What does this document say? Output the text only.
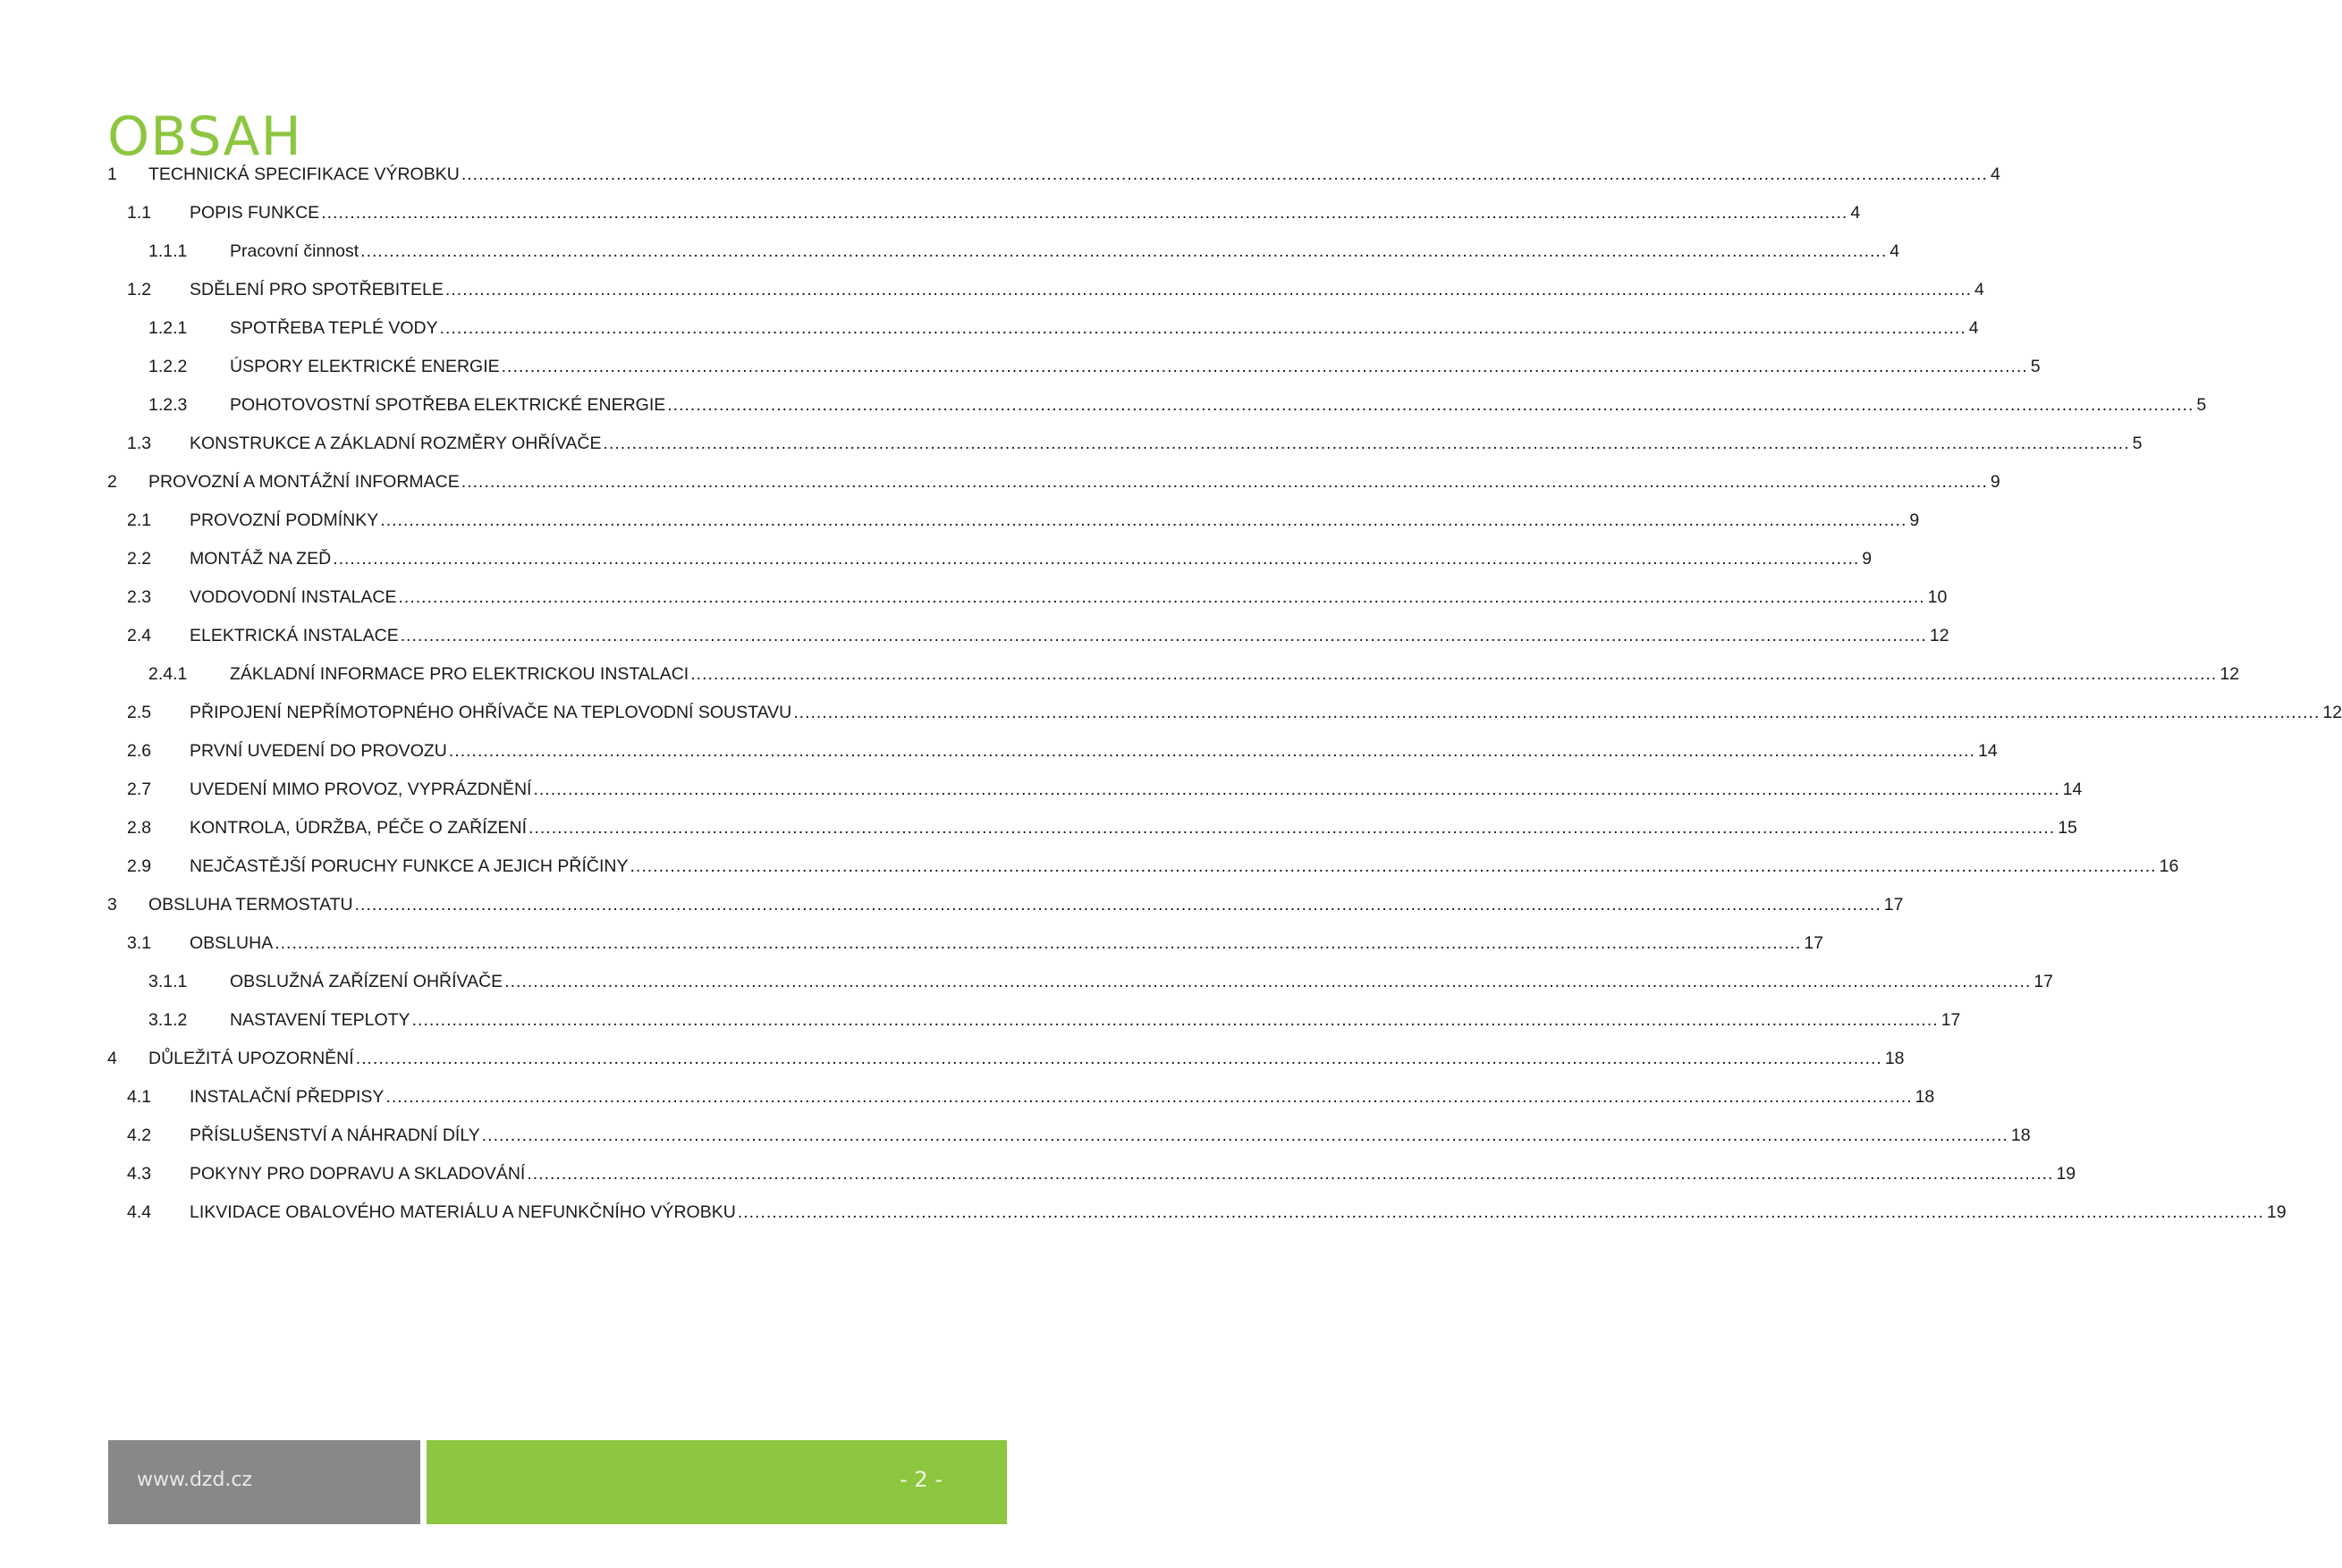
OBSAH
1	TECHNICKÁ SPECIFIKACE VÝROBKU .......................................................................................................................................................................................................................................................................... 4
1.1	POPIS FUNKCE .......................................................................................................................................................................................................................................................................... 4
1.1.1	Pracovní činnost .......................................................................................................................................................................................................................................................................... 4
1.2	SDĚLENÍ PRO SPOTŘEBITELE .......................................................................................................................................................................................................................................................................... 4
1.2.1	SPOTŘEBA TEPLÉ VODY .......................................................................................................................................................................................................................................................................... 4
1.2.2	ÚSPORY ELEKTRICKÉ ENERGIE .......................................................................................................................................................................................................................................................................... 5
1.2.3	POHOTOVOSTNÍ SPOTŘEBA ELEKTRICKÉ ENERGIE .......................................................................................................................................................................................................................................................................... 5
1.3	KONSTRUKCE A ZÁKLADNÍ ROZMĚRY OHŘÍVAČE .......................................................................................................................................................................................................................................................................... 5
2	PROVOZNÍ A MONTÁŽNÍ INFORMACE .......................................................................................................................................................................................................................................................................... 9
2.1	PROVOZNÍ PODMÍNKY .......................................................................................................................................................................................................................................................................... 9
2.2	MONTÁŽ NA ZEĎ .......................................................................................................................................................................................................................................................................... 9
2.3	VODOVODNÍ INSTALACE .......................................................................................................................................................................................................................................................................... 10
2.4	ELEKTRICKÁ INSTALACE .......................................................................................................................................................................................................................................................................... 12
2.4.1	ZÁKLADNÍ INFORMACE PRO ELEKTRICKOU INSTALACI .......................................................................................................................................................................................................................................................................... 12
2.5	PŘIPOJENÍ NEPŘÍMOTOPNÉHO OHŘÍVAČE NA TEPLOVODNÍ SOUSTAVU .......................................................................................................................................................................................................................................................................... 12
2.6	PRVNÍ UVEDENÍ DO PROVOZU .......................................................................................................................................................................................................................................................................... 14
2.7	UVEDENÍ MIMO PROVOZ, VYPRÁZDNĚNÍ .......................................................................................................................................................................................................................................................................... 14
2.8	KONTROLA, ÚDRŽBA, PÉČE O ZAŘÍZENÍ .......................................................................................................................................................................................................................................................................... 15
2.9	NEJČASTĚJŠÍ PORUCHY FUNKCE A JEJICH PŘÍČINY .......................................................................................................................................................................................................................................................................... 16
3	OBSLUHA TERMOSTATU .......................................................................................................................................................................................................................................................................... 17
3.1	OBSLUHA .......................................................................................................................................................................................................................................................................... 17
3.1.1	OBSLUŽNÁ ZAŘÍZENÍ OHŘÍVAČE .......................................................................................................................................................................................................................................................................... 17
3.1.2	NASTAVENÍ TEPLOTY .......................................................................................................................................................................................................................................................................... 17
4	DŮLEŽITÁ UPOZORNĚNÍ .......................................................................................................................................................................................................................................................................... 18
4.1	INSTALAČNÍ PŘEDPISY .......................................................................................................................................................................................................................................................................... 18
4.2	PŘÍSLUŠENSTVÍ A NÁHRADNÍ DÍLY .......................................................................................................................................................................................................................................................................... 18
4.3	POKYNY PRO DOPRAVU A SKLADOVÁNÍ .......................................................................................................................................................................................................................................................................... 19
4.4	LIKVIDACE OBALOVÉHO MATERIÁLU A NEFUNKČNÍHO VÝROBKU .......................................................................................................................................................................................................................................................................... 19
www.dzd.cz	- 2 -
